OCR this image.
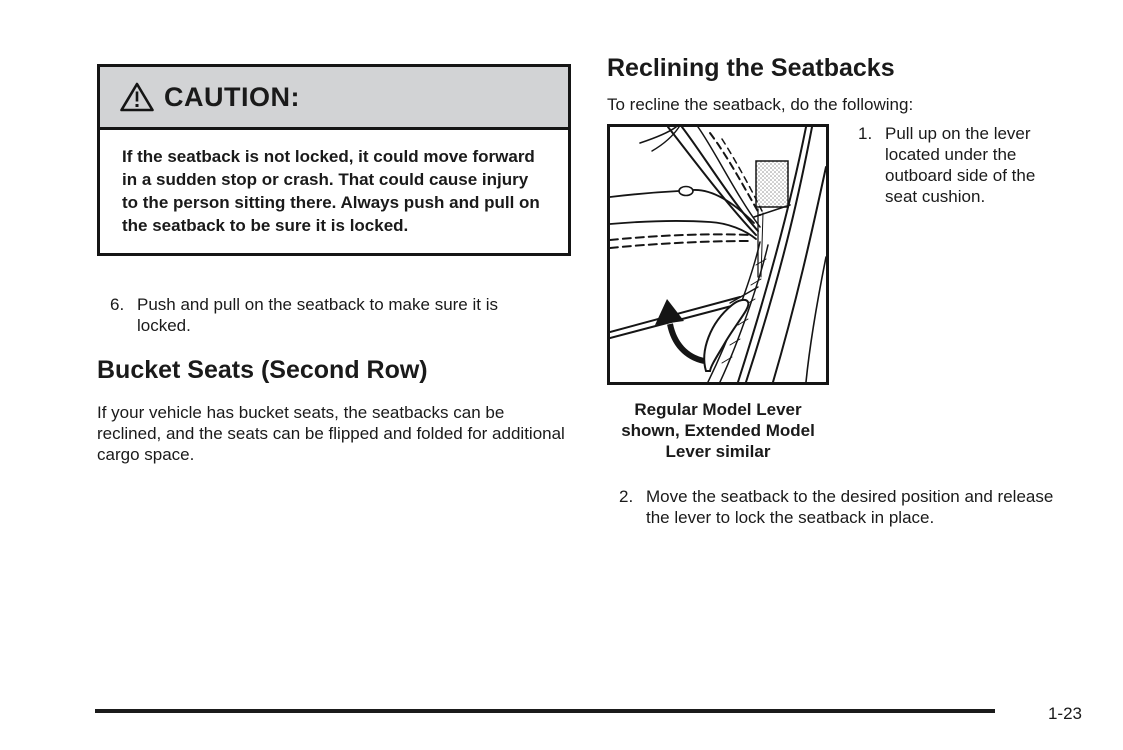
CAUTION:
If the seatback is not locked, it could move forward in a sudden stop or crash. That could cause injury to the person sitting there. Always push and pull on the seatback to be sure it is locked.
6. Push and pull on the seatback to make sure it is locked.
Bucket Seats (Second Row)

If your vehicle has bucket seats, the seatbacks can be reclined, and the seats can be flipped and folded for additional cargo space.

Reclining the Seatbacks

To recline the seatback, do the following:

Regular Model Lever
shown, Extended Model
Lever similar
1. Pull up on the lever located under the outboard side of the seat cushion.
2. Move the seatback to the desired position and release the lever to lock the seatback in place.
1-23
